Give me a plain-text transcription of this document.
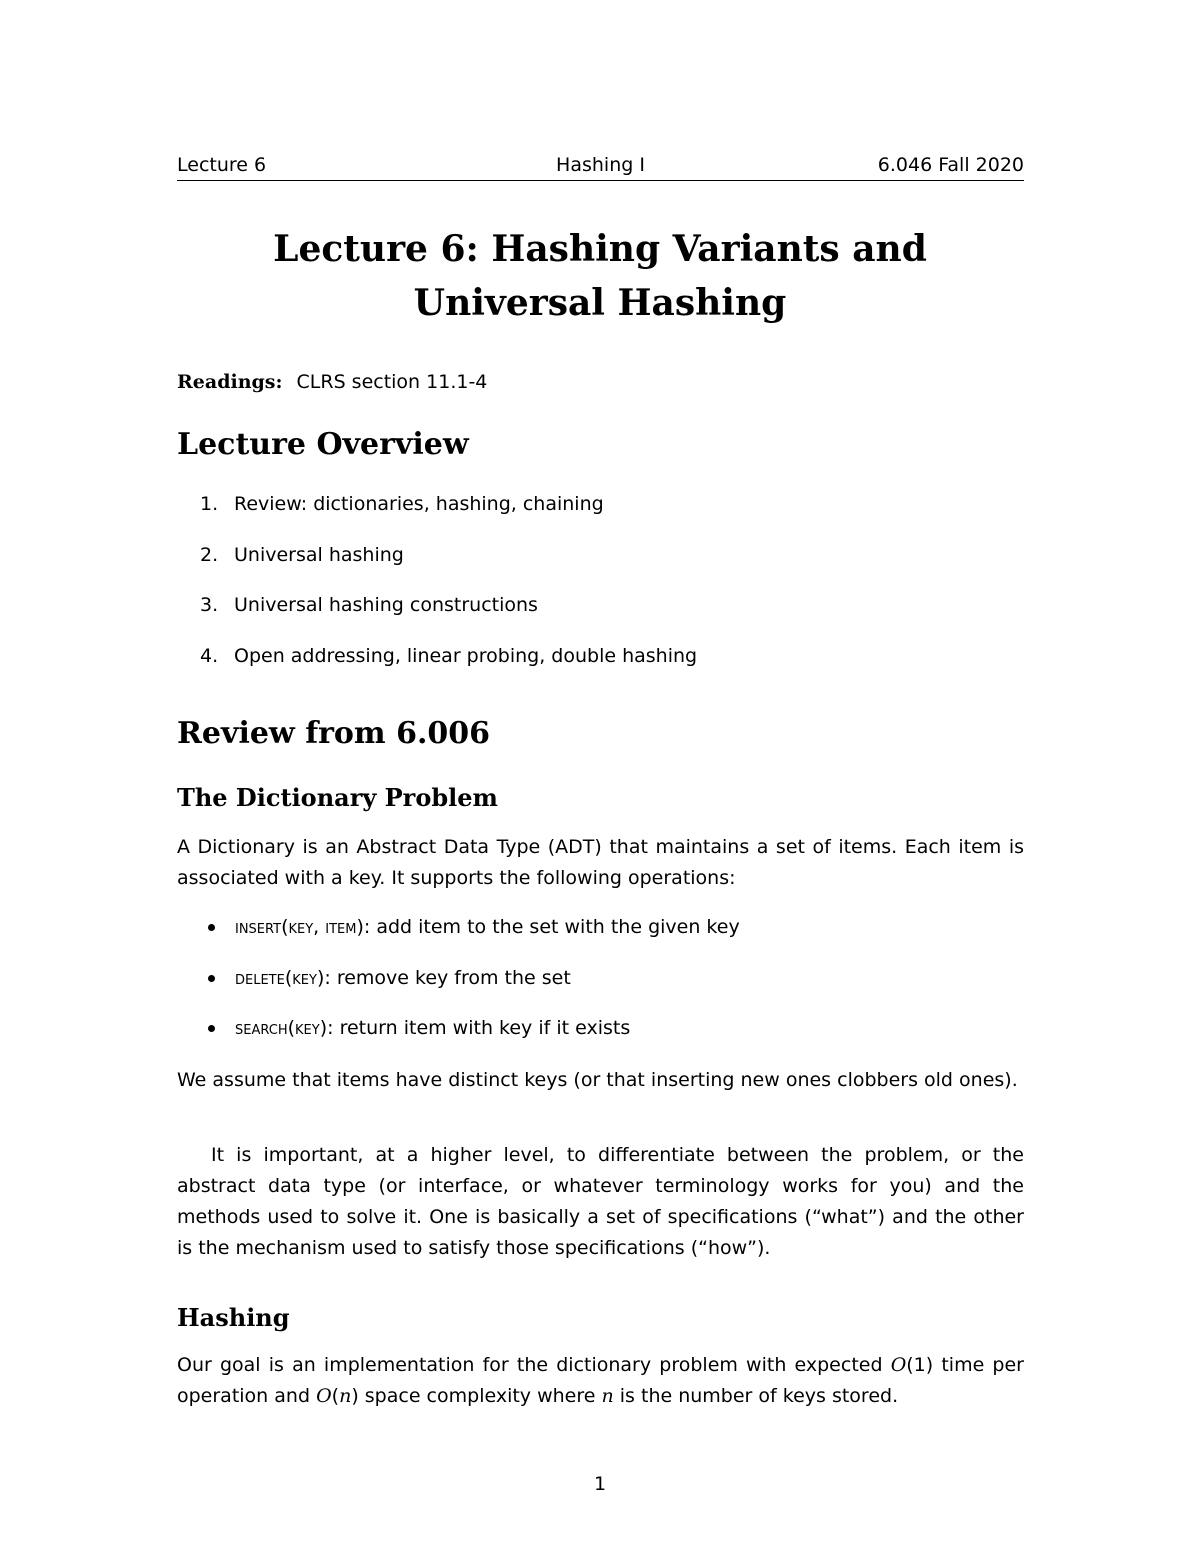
Lecture 6	Hashing I	6.046 Fall 2020
Lecture 6: Hashing Variants and
Universal Hashing
Readings: CLRS section 11.1-4
Lecture Overview
1. Review: dictionaries, hashing, chaining
2. Universal hashing
3. Universal hashing constructions
4. Open addressing, linear probing, double hashing
Review from 6.006
The Dictionary Problem

A Dictionary is an Abstract Data Type (ADT) that maintains a set of items. Each item is associated with a key. It supports the following operations:

insert(key, item): add item to the set with the given key
delete(key): remove key from the set
search(key): return item with key if it exists

We assume that items have distinct keys (or that inserting new ones clobbers old ones).

It is important, at a higher level, to differentiate between the problem, or the abstract data type (or interface, or whatever terminology works for you) and the methods used to solve it. One is basically a set of specifications (“what”) and the other is the mechanism used to satisfy those specifications (“how”).

Hashing

Our goal is an implementation for the dictionary problem with expected O(1) time per operation and O(n) space complexity where n is the number of keys stored.

1
